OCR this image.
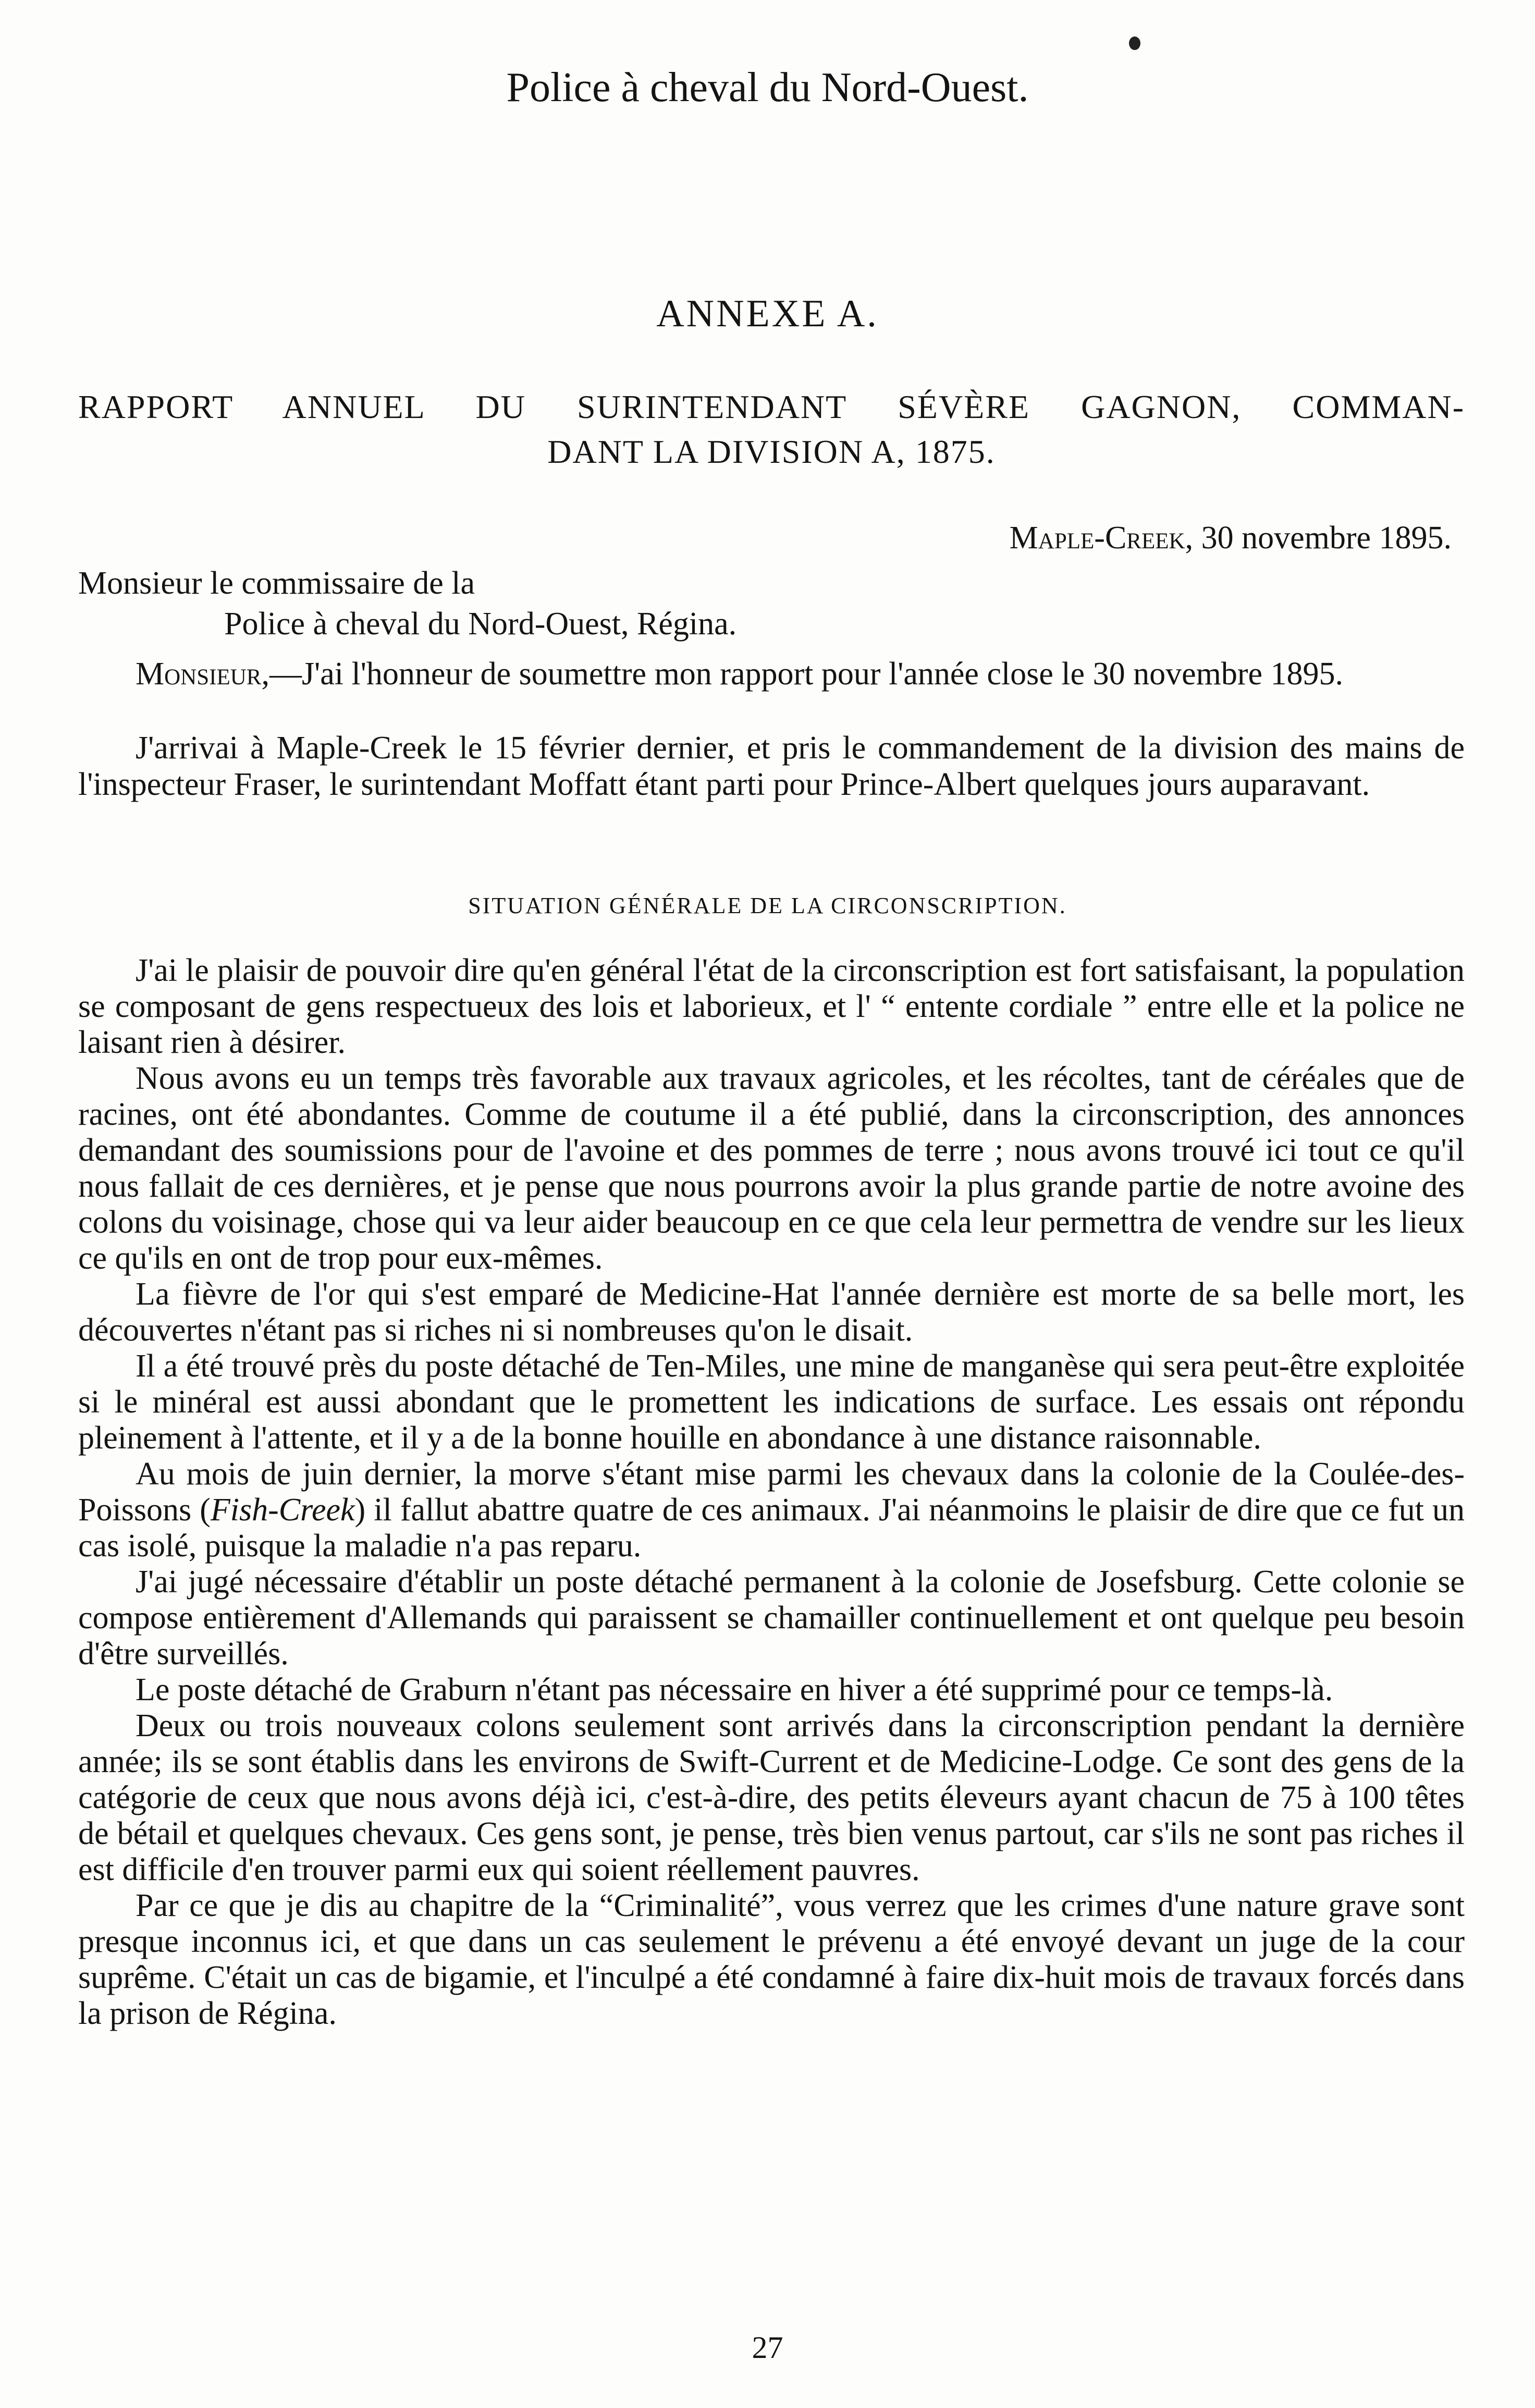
Police à cheval du Nord-Ouest.
ANNEXE A.
RAPPORT ANNUEL DU SURINTENDANT SÉVÈRE GAGNON, COMMAN-
DANT LA DIVISION A, 1875.
Maple-Creek, 30 novembre 1895.
Monsieur le commissaire de la
Police à cheval du Nord-Ouest, Régina.
Monsieur,—J'ai l'honneur de soumettre mon rapport pour l'année close le 30 novembre 1895.
J'arrivai à Maple-Creek le 15 février dernier, et pris le commandement de la division des mains de l'inspecteur Fraser, le surintendant Moffatt étant parti pour Prince-Albert quelques jours auparavant.
SITUATION GÉNÉRALE DE LA CIRCONSCRIPTION.

J'ai le plaisir de pouvoir dire qu'en général l'état de la circonscription est fort satisfaisant, la population se composant de gens respectueux des lois et laborieux, et l' “ entente cordiale ” entre elle et la police ne laisant rien à désirer.

Nous avons eu un temps très favorable aux travaux agricoles, et les récoltes, tant de céréales que de racines, ont été abondantes. Comme de coutume il a été publié, dans la circonscription, des annonces demandant des soumissions pour de l'avoine et des pommes de terre ; nous avons trouvé ici tout ce qu'il nous fallait de ces dernières, et je pense que nous pourrons avoir la plus grande partie de notre avoine des colons du voisinage, chose qui va leur aider beaucoup en ce que cela leur permettra de vendre sur les lieux ce qu'ils en ont de trop pour eux-mêmes.

La fièvre de l'or qui s'est emparé de Medicine-Hat l'année dernière est morte de sa belle mort, les découvertes n'étant pas si riches ni si nombreuses qu'on le disait.

Il a été trouvé près du poste détaché de Ten-Miles, une mine de manganèse qui sera peut-être exploitée si le minéral est aussi abondant que le promettent les indications de surface. Les essais ont répondu pleinement à l'attente, et il y a de la bonne houille en abondance à une distance raisonnable.

Au mois de juin dernier, la morve s'étant mise parmi les chevaux dans la colonie de la Coulée-des-Poissons (Fish-Creek) il fallut abattre quatre de ces animaux. J'ai néanmoins le plaisir de dire que ce fut un cas isolé, puisque la maladie n'a pas reparu.

J'ai jugé nécessaire d'établir un poste détaché permanent à la colonie de Josefsburg. Cette colonie se compose entièrement d'Allemands qui paraissent se chamailler continuellement et ont quelque peu besoin d'être surveillés.

Le poste détaché de Graburn n'étant pas nécessaire en hiver a été supprimé pour ce temps-là.

Deux ou trois nouveaux colons seulement sont arrivés dans la circonscription pendant la dernière année; ils se sont établis dans les environs de Swift-Current et de Medicine-Lodge. Ce sont des gens de la catégorie de ceux que nous avons déjà ici, c'est-à-dire, des petits éleveurs ayant chacun de 75 à 100 têtes de bétail et quelques chevaux. Ces gens sont, je pense, très bien venus partout, car s'ils ne sont pas riches il est difficile d'en trouver parmi eux qui soient réellement pauvres.

Par ce que je dis au chapitre de la “Criminalité”, vous verrez que les crimes d'une nature grave sont presque inconnus ici, et que dans un cas seulement le prévenu a été envoyé devant un juge de la cour suprême. C'était un cas de bigamie, et l'inculpé a été condamné à faire dix-huit mois de travaux forcés dans la prison de Régina.

27
